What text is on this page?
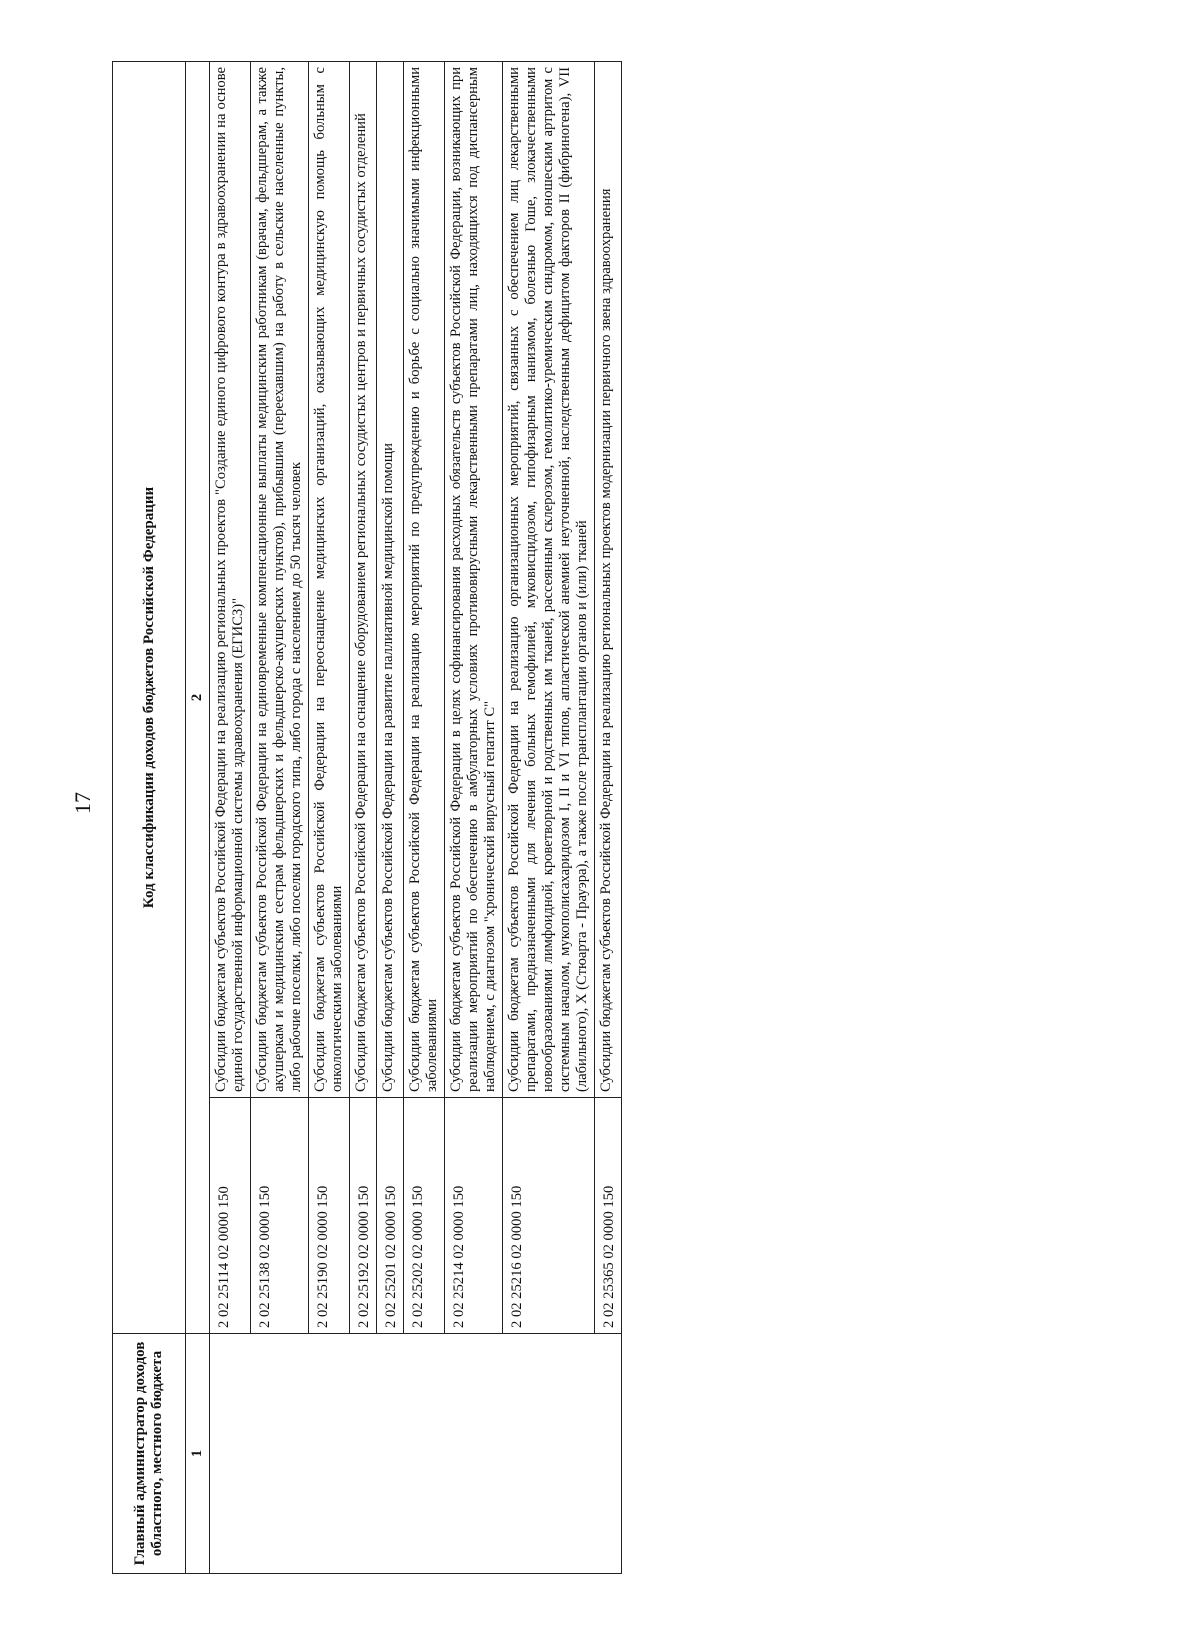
17
Главный администратор доходов областного, местного бюджета	Код классификации доходов бюджетов Российской Федерации	
1	2	
	2 02 25114 02 0000 150	Субсидии бюджетам субъектов Российской Федерации на реализацию региональных проектов "Создание единого цифрового контура в здравоохранении на основе единой государственной информационной системы здравоохранения (ЕГИСЗ)"
	2 02 25138 02 0000 150	Субсидии бюджетам субъектов Российской Федерации на единовременные компенсационные выплаты медицинским работникам (врачам, фельдшерам, а также акушеркам и медицинским сестрам фельдшерских и фельдшерско-акушерских пунктов), прибывшим (переехавшим) на работу в сельские населенные пункты, либо рабочие поселки, либо поселки городского типа, либо города с населением до 50 тысяч человек
	2 02 25190 02 0000 150	Субсидии бюджетам субъектов Российской Федерации на переоснащение медицинских организаций, оказывающих медицинскую помощь больным с онкологическими заболеваниями
	2 02 25192 02 0000 150	Субсидии бюджетам субъектов Российской Федерации на оснащение оборудованием региональных сосудистых центров и первичных сосудистых отделений
	2 02 25201 02 0000 150	Субсидии бюджетам субъектов Российской Федерации на развитие паллиативной медицинской помощи
	2 02 25202 02 0000 150	Субсидии бюджетам субъектов Российской Федерации на реализацию мероприятий по предупреждению и борьбе с социально значимыми инфекционными заболеваниями
	2 02 25214 02 0000 150	Субсидии бюджетам субъектов Российской Федерации в целях софинансирования расходных обязательств субъектов Российской Федерации, возникающих при реализации мероприятий по обеспечению в амбулаторных условиях противовирусными лекарственными препаратами лиц, находящихся под диспансерным наблюдением, с диагнозом "хронический вирусный гепатит С"
	2 02 25216 02 0000 150	Субсидии бюджетам субъектов Российской Федерации на реализацию организационных мероприятий, связанных с обеспечением лиц лекарственными препаратами, предназначенными для лечения больных гемофилией, муковисцидозом, гипофизарным нанизмом, болезнью Гоше, злокачественными новообразованиями лимфоидной, кроветворной и родственных им тканей, рассеянным склерозом, гемолитико-уремическим синдромом, юношеским артритом с системным началом, мукополисахаридозом I, II и VI типов, апластической анемией неуточненной, наследственным дефицитом факторов II (фибриногена), VII (лабильного), X (Стюарта - Прауэра), а также после трансплантации органов и (или) тканей
	2 02 25365 02 0000 150	Субсидии бюджетам субъектов Российской Федерации на реализацию региональных проектов модернизации первичного звена здравоохранения
